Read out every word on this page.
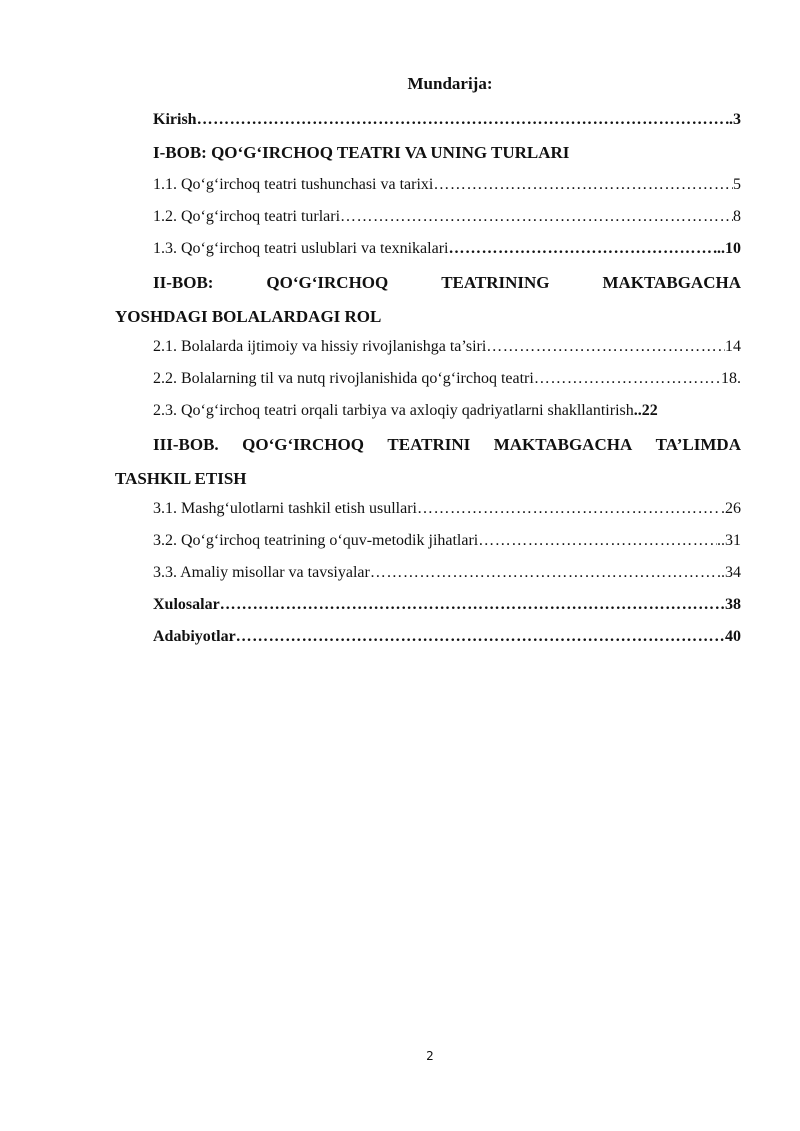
Mundarija:
Kirish ………………………………………………………………………………………………………………………………………………………………………………	.3
I-BOB: QO‘G‘IRCHOQ TEATRI VA UNING TURLARI
1.1. Qo‘g‘irchoq teatri tushunchasi va tarixi ………………………………………………………………………………………………………………………………………………………………………………	5
1.2. Qo‘g‘irchoq teatri turlari ………………………………………………………………………………………………………………………………………………………………………………	8
1.3. Qo‘g‘irchoq teatri uslublari va texnikalari ………………………………………………………………………………………………………………………………………………………………………………	..10
II-BOB:	QO‘G‘IRCHOQ	TEATRINING	MAKTABGACHA
YOSHDAGI BOLALARDAGI ROL
2.1. Bolalarda ijtimoiy va hissiy rivojlanishga ta’siri ………………………………………………………………………………………………………………………………………………………………………………	14
2.2. Bolalarning til va nutq rivojlanishida qo‘g‘irchoq teatri ………………………………………………………………………………………………………………………………………………………………………………	18.
2.3. Qo‘g‘irchoq teatri orqali tarbiya va axloqiy qadriyatlarni shakllantirish ..22
III-BOB. QO‘G‘IRCHOQ TEATRINI MAKTABGACHA TA’LIMDA
TASHKIL ETISH
3.1. Mashg‘ulotlarni tashkil etish usullari ………………………………………………………………………………………………………………………………………………………………………………	.26
3.2. Qo‘g‘irchoq teatrining o‘quv-metodik jihatlari ………………………………………………………………………………………………………………………………………………………………………………	..31
3.3. Amaliy misollar va tavsiyalar ………………………………………………………………………………………………………………………………………………………………………………	..34
Xulosalar ………………………………………………………………………………………………………………………………………………………………………………	38
Adabiyotlar ………………………………………………………………………………………………………………………………………………………………………………	40
2
